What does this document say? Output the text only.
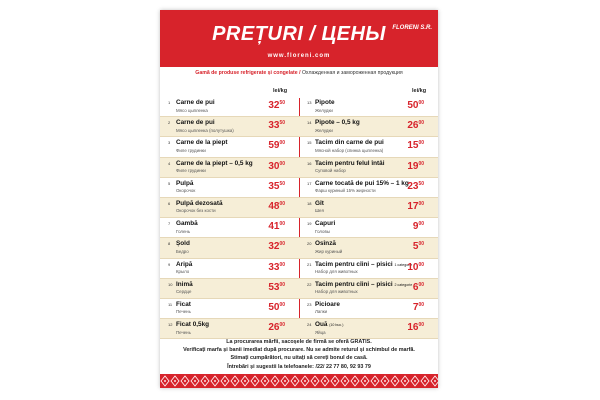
PREȚURI / ЦЕНЫ	FLORENI S.R.
www.floreni.com
Gamă de produse refrigerate și congelate / Охлажденная и замороженная продукция
lei/kg	lei/kg
1 Carne de pui
Мясо цыпленка	$32^{50}$
2 Carne de pui
Мясо цыпленка (полутушка)	$33^{50}$
3 Carne de la piept
Филе грудинки	$59^{00}$
4 Carne de la piept – 0,5 kg
Филе грудинки	$30^{00}$
5 Pulpă
Окорочок	$35^{50}$
6 Pulpă dezosată
Окорочок без кости	$48^{00}$
7 Gambă
Голень	$41^{00}$
8 Șold
Бедро	$32^{00}$
9 Aripă
Крыло	$33^{00}$
10 Inimă
Сердце	$53^{00}$
11 Ficat
Печень	$50^{00}$
12 Ficat 0,5kg
Печень	$26^{00}$
13 Pipote
Желудки	$50^{00}$
14 Pipote – 0,5 kg
Желудки	$26^{00}$
15 Tacim din carne de pui
Мясной набор (спинка цыпленка) $15^{00}$
16 Tacim pentru felul întâi
Суповой набор	$19^{00}$
17 Carne tocată de pui 15% – 1 kg
Фарш куриный 15% жирности	$23^{50}$
18 Gît
Шея	$17^{00}$
19 Capuri
Головы	$9^{00}$
20 Osînză
Жир куриный	$5^{00}$
21 Tacim pentru cîini – pisici 1 categorie
Набор для животных	$10^{00}$
22 Tacim pentru cîini – pisici 2 categorie
Набор для животных	$6^{00}$
23 Picioare
Лапки	$7^{00}$
24 Ouă (10 buc.)
Яйца	$16^{00}$
La procurarea mărfii, sacoșele de firmă se oferă GRATIS.
Verificați marfa și banii imediat după procurare. Nu se admite returul și schimbul de marfă.
Stimați cumpărători, nu uitați să cereți bonul de casă.
Întrebări și sugestii la telefoanele: /22/ 22 77 80, 92 93 79
